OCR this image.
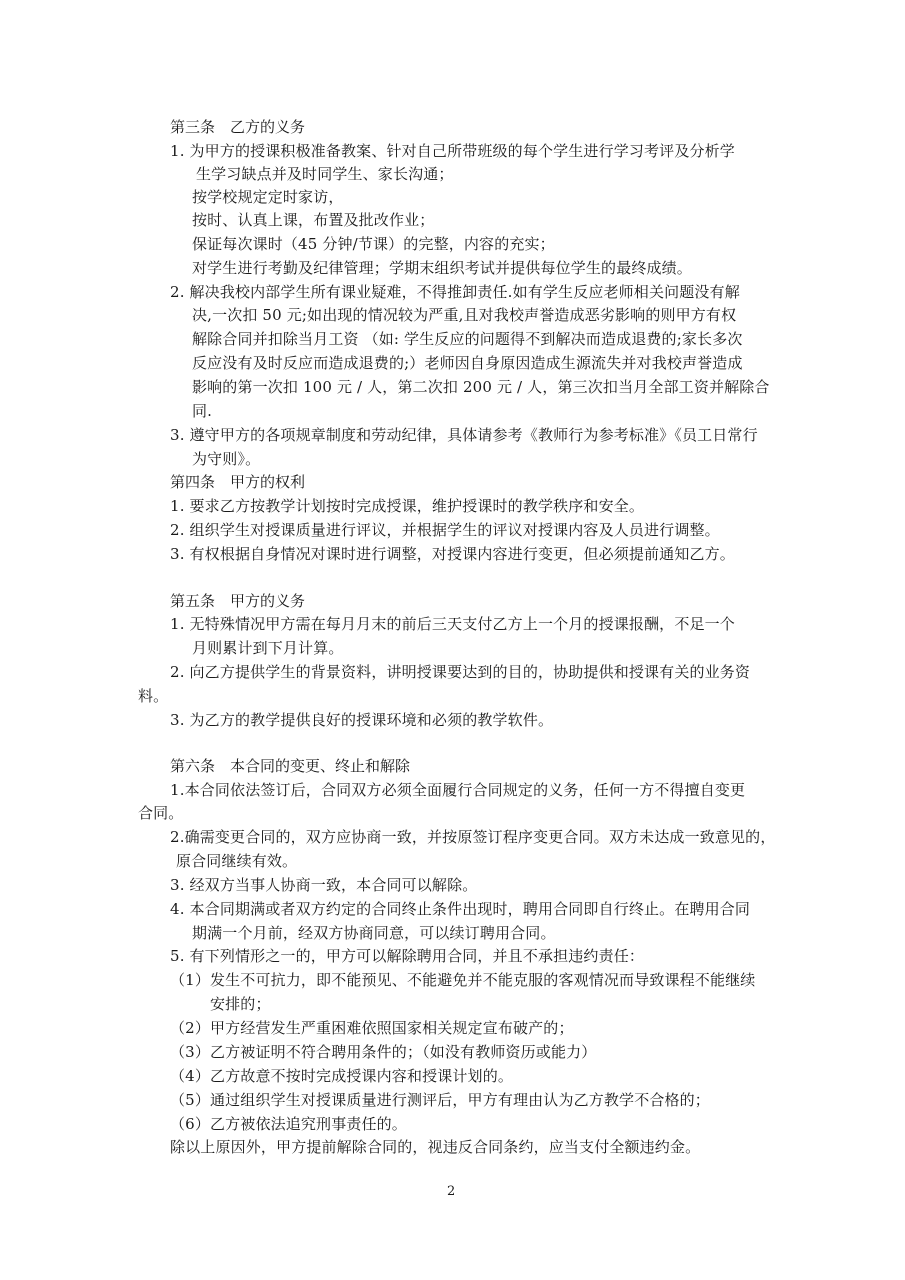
第三条　乙方的义务
1. 为甲方的授课积极准备教案、针对自己所带班级的每个学生进行学习考评及分析学
生学习缺点并及时同学生、家长沟通；
按学校规定定时家访，
按时、认真上课，布置及批改作业；
保证每次课时（45 分钟/节课）的完整，内容的充实；
对学生进行考勤及纪律管理；学期末组织考试并提供每位学生的最终成绩。
2. 解决我校内部学生所有课业疑难，不得推卸责任.如有学生反应老师相关问题没有解
决,一次扣 50 元;如出现的情况较为严重,且对我校声誉造成恶劣影响的则甲方有权
解除合同并扣除当月工资 （如: 学生反应的问题得不到解决而造成退费的;家长多次
反应没有及时反应而造成退费的;）老师因自身原因造成生源流失并对我校声誉造成
影响的第一次扣 100 元 / 人，第二次扣 200 元 / 人，第三次扣当月全部工资并解除合
同.
3. 遵守甲方的各项规章制度和劳动纪律，具体请参考《教师行为参考标准》《员工日常行
为守则》。
第四条　甲方的权利
1. 要求乙方按教学计划按时完成授课，维护授课时的教学秩序和安全。
2. 组织学生对授课质量进行评议，并根据学生的评议对授课内容及人员进行调整。
3. 有权根据自身情况对课时进行调整，对授课内容进行变更，但必须提前通知乙方。
第五条　甲方的义务
1. 无特殊情况甲方需在每月月末的前后三天支付乙方上一个月的授课报酬，不足一个
月则累计到下月计算。
2. 向乙方提供学生的背景资料，讲明授课要达到的目的，协助提供和授课有关的业务资
料。
3. 为乙方的教学提供良好的授课环境和必须的教学软件。
第六条　本合同的变更、终止和解除
1.本合同依法签订后，合同双方必须全面履行合同规定的义务，任何一方不得擅自变更
合同。
2.确需变更合同的，双方应协商一致，并按原签订程序变更合同。双方未达成一致意见的，
原合同继续有效。
3. 经双方当事人协商一致，本合同可以解除。
4. 本合同期满或者双方约定的合同终止条件出现时，聘用合同即自行终止。在聘用合同
期满一个月前，经双方协商同意，可以续订聘用合同。
5. 有下列情形之一的，甲方可以解除聘用合同，并且不承担违约责任：
（1）发生不可抗力，即不能预见、不能避免并不能克服的客观情况而导致课程不能继续
安排的；
（2）甲方经营发生严重困难依照国家相关规定宣布破产的；
（3）乙方被证明不符合聘用条件的；（如没有教师资历或能力）
（4）乙方故意不按时完成授课内容和授课计划的。
（5）通过组织学生对授课质量进行测评后，甲方有理由认为乙方教学不合格的；
（6）乙方被依法追究刑事责任的。
除以上原因外，甲方提前解除合同的，视违反合同条约，应当支付全额违约金。
2
